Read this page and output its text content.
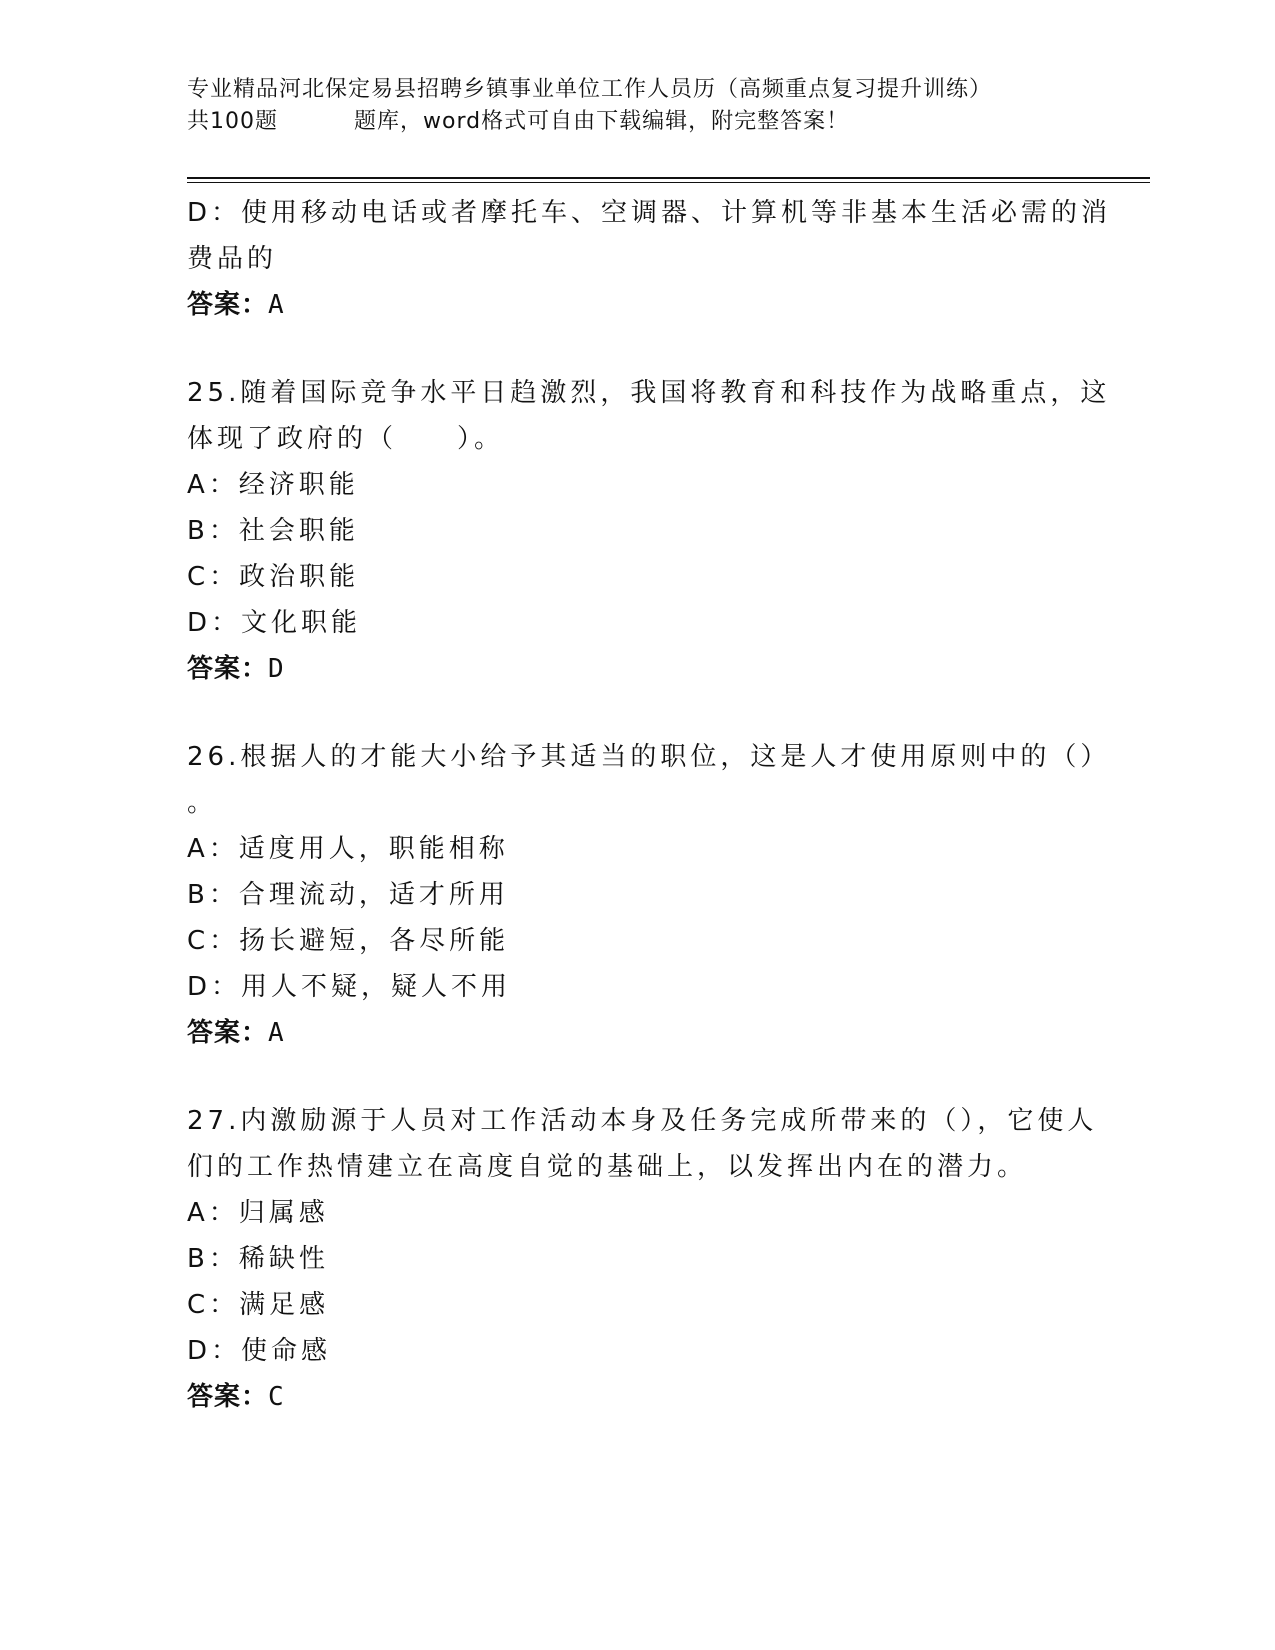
专业精品河北保定易县招聘乡镇事业单位工作人员历（高频重点复习提升训练）
共100题	题库，word格式可自由下载编辑，附完整答案！
D：使用移动电话或者摩托车、空调器、计算机等非基本生活必需的消
费品的
答案：A
25.随着国际竞争水平日趋激烈，我国将教育和科技作为战略重点，这
体现了政府的（　　）。
A：经济职能
B：社会职能
C：政治职能
D：文化职能
答案：D
26.根据人的才能大小给予其适当的职位，这是人才使用原则中的（）
。
A：适度用人，职能相称
B：合理流动，适才所用
C：扬长避短，各尽所能
D：用人不疑，疑人不用
答案：A
27.内激励源于人员对工作活动本身及任务完成所带来的（），它使人
们的工作热情建立在高度自觉的基础上，以发挥出内在的潜力。
A：归属感
B：稀缺性
C：满足感
D：使命感
答案：C
